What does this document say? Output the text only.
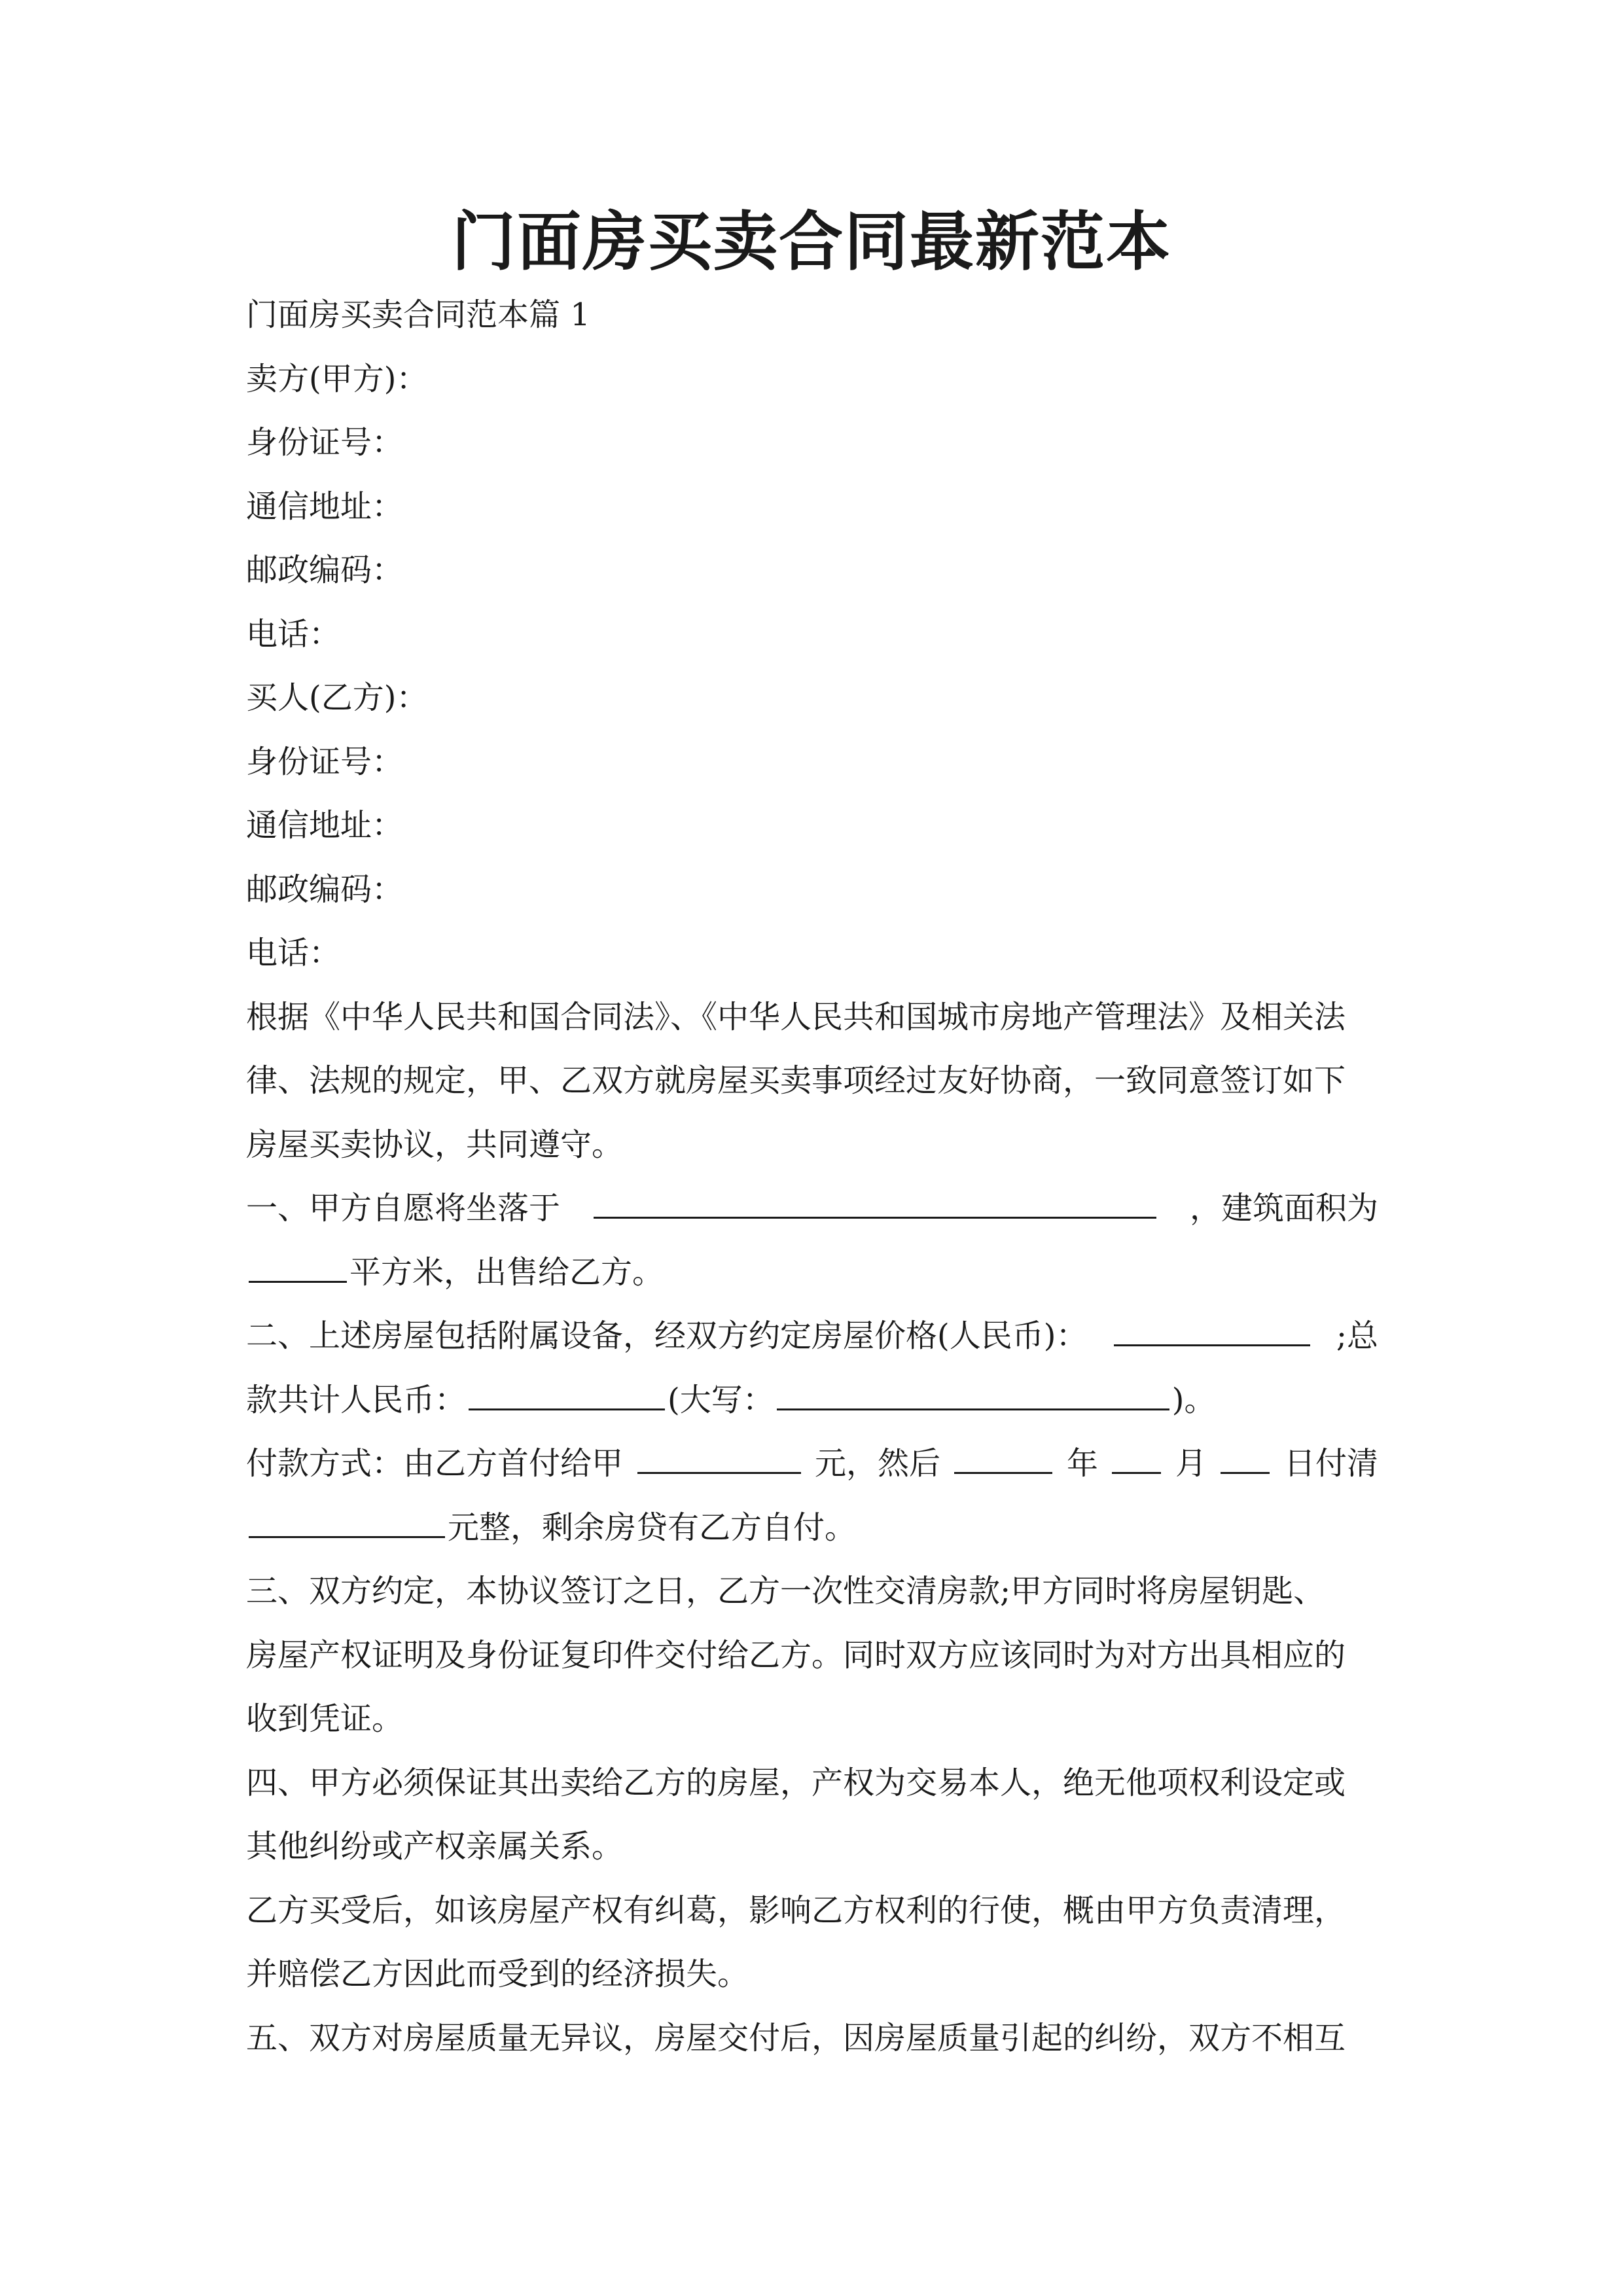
门面房买卖合同最新范本
门面房买卖合同范本篇 1
卖方(甲方)：
身份证号：
通信地址：
邮政编码：
电话：
买人(乙方)：
身份证号：
通信地址：
邮政编码：
电话：
根据《中华人民共和国合同法》、《中华人民共和国城市房地产管理法》及相关法
律、法规的规定，甲、乙双方就房屋买卖事项经过友好协商，一致同意签订如下
房屋买卖协议，共同遵守。
一、甲方自愿将坐落于	，建筑面积为
平方米，出售给乙方。
二、上述房屋包括附属设备，经双方约定房屋价格(人民币)：	;总
款共计人民币：	(大写：	)。
付款方式：由乙方首付给甲	元，然后	年 月 日付清
元整，剩余房贷有乙方自付。
三、双方约定，本协议签订之日，乙方一次性交清房款;甲方同时将房屋钥匙、
房屋产权证明及身份证复印件交付给乙方。同时双方应该同时为对方出具相应的
收到凭证。
四、甲方必须保证其出卖给乙方的房屋，产权为交易本人，绝无他项权利设定或
其他纠纷或产权亲属关系。
乙方买受后，如该房屋产权有纠葛，影响乙方权利的行使，概由甲方负责清理，
并赔偿乙方因此而受到的经济损失。
五、双方对房屋质量无异议，房屋交付后，因房屋质量引起的纠纷，双方不相互
